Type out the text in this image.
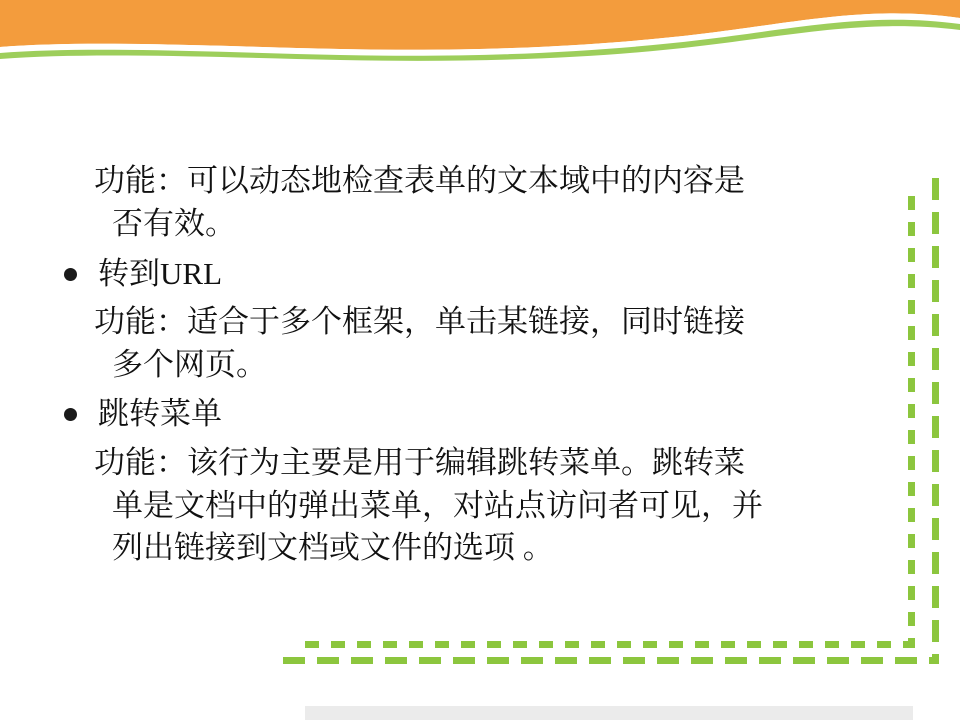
功能：可以动态地检查表单的文本域中的内容是
否有效。
转到URL
功能：适合于多个框架，单击某链接，同时链接
多个网页。
跳转菜单
功能：该行为主要是用于编辑跳转菜单。跳转菜
单是文档中的弹出菜单，对站点访问者可见，并
列出链接到文档或文件的选项 。
